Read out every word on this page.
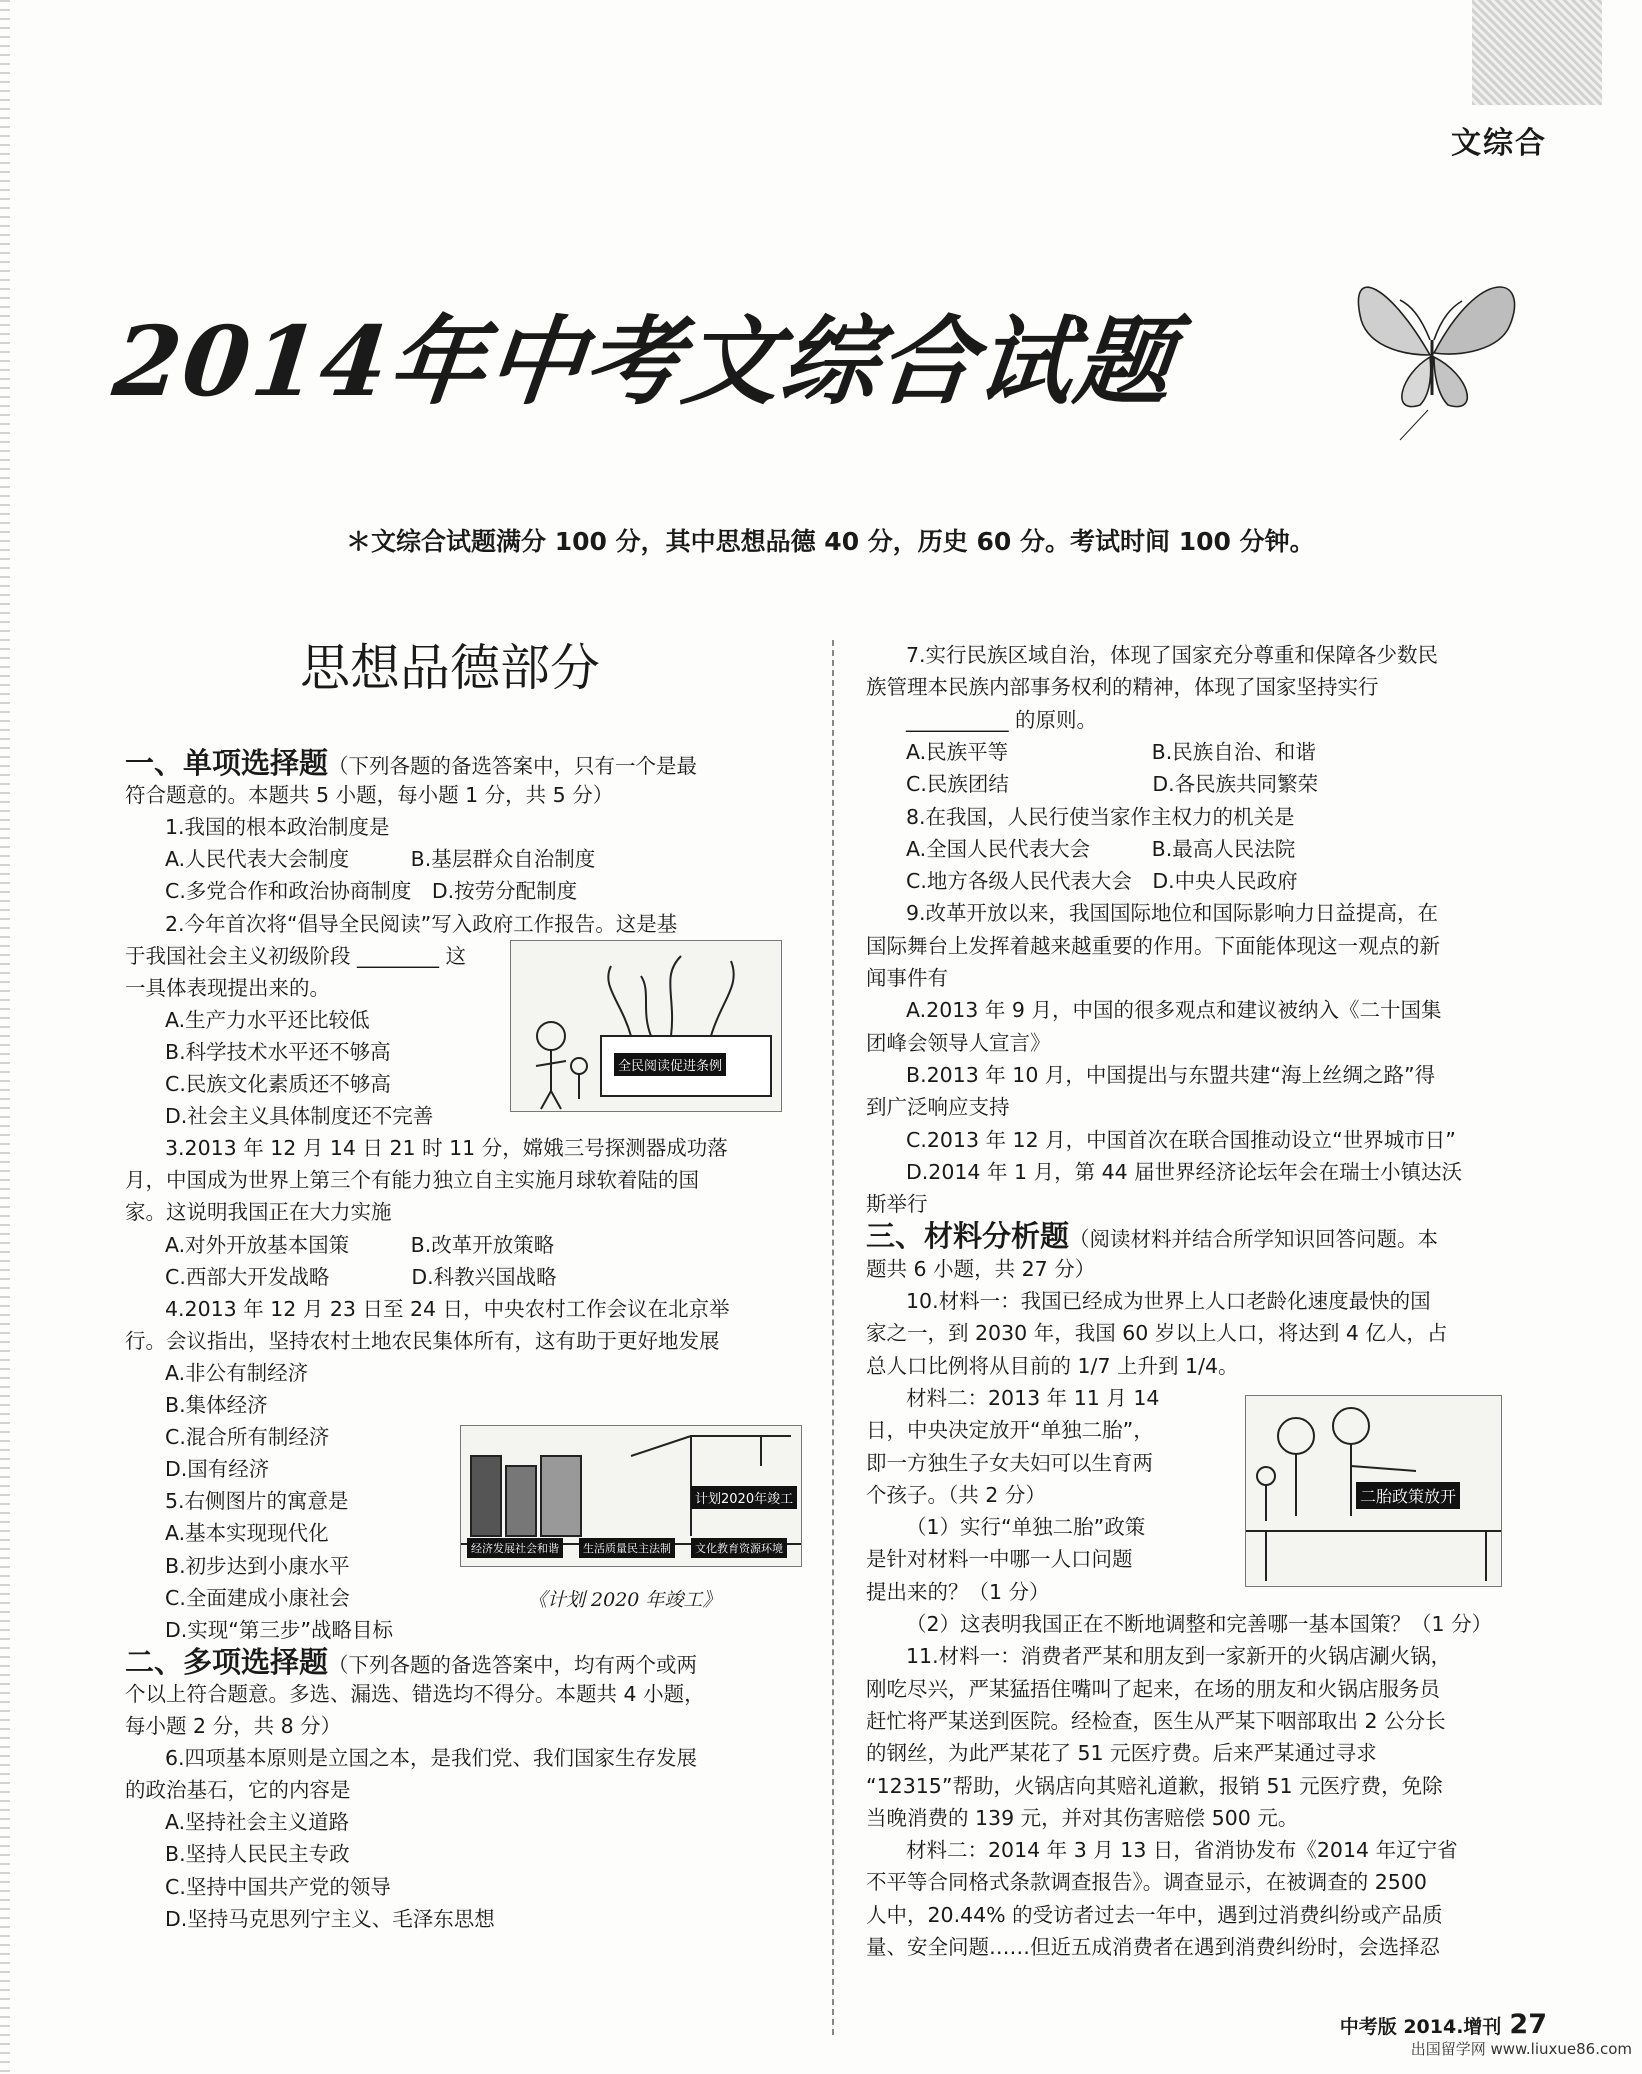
文综合
2014年中考文综合试题
＊文综合试题满分 100 分，其中思想品德 40 分，历史 60 分。考试时间 100 分钟。
思想品德部分
一、单项选择题（下列各题的备选答案中，只有一个是最
符合题意的。本题共 5 小题，每小题 1 分，共 5 分）
1.我国的根本政治制度是
A.人民代表大会制度　　　B.基层群众自治制度
C.多党合作和政治协商制度　D.按劳分配制度
2.今年首次将“倡导全民阅读”写入政府工作报告。这是基
于我国社会主义初级阶段 ________ 这
一具体表现提出来的。
A.生产力水平还比较低
B.科学技术水平还不够高
C.民族文化素质还不够高
D.社会主义具体制度还不完善
3.2013 年 12 月 14 日 21 时 11 分，嫦娥三号探测器成功落
月，中国成为世界上第三个有能力独立自主实施月球软着陆的国
家。这说明我国正在大力实施
A.对外开放基本国策　　　B.改革开放策略
C.西部大开发战略　　　　D.科教兴国战略
4.2013 年 12 月 23 日至 24 日，中央农村工作会议在北京举
行。会议指出，坚持农村土地农民集体所有，这有助于更好地发展
A.非公有制经济
B.集体经济
C.混合所有制经济
D.国有经济
5.右侧图片的寓意是
A.基本实现现代化
B.初步达到小康水平
C.全面建成小康社会
D.实现“第三步”战略目标
二、多项选择题（下列各题的备选答案中，均有两个或两
个以上符合题意。多选、漏选、错选均不得分。本题共 4 小题，
每小题 2 分，共 8 分）
6.四项基本原则是立国之本，是我们党、我们国家生存发展
的政治基石，它的内容是
A.坚持社会主义道路
B.坚持人民民主专政
C.坚持中国共产党的领导
D.坚持马克思列宁主义、毛泽东思想
7.实行民族区域自治，体现了国家充分尊重和保障各少数民
族管理本民族内部事务权利的精神，体现了国家坚持实行
__________ 的原则。
A.民族平等　　　　　　　B.民族自治、和谐
C.民族团结　　　　　　　D.各民族共同繁荣
8.在我国，人民行使当家作主权力的机关是
A.全国人民代表大会　　　B.最高人民法院
C.地方各级人民代表大会　D.中央人民政府
9.改革开放以来，我国国际地位和国际影响力日益提高，在
国际舞台上发挥着越来越重要的作用。下面能体现这一观点的新
闻事件有
A.2013 年 9 月，中国的很多观点和建议被纳入《二十国集
团峰会领导人宣言》
B.2013 年 10 月，中国提出与东盟共建“海上丝绸之路”得
到广泛响应支持
C.2013 年 12 月，中国首次在联合国推动设立“世界城市日”
D.2014 年 1 月，第 44 届世界经济论坛年会在瑞士小镇达沃
斯举行
三、材料分析题（阅读材料并结合所学知识回答问题。本
题共 6 小题，共 27 分）
10.材料一：我国已经成为世界上人口老龄化速度最快的国
家之一，到 2030 年，我国 60 岁以上人口，将达到 4 亿人，占
总人口比例将从目前的 1/7 上升到 1/4。
材料二：2013 年 11 月 14
日，中央决定放开“单独二胎”，
即一方独生子女夫妇可以生育两
个孩子。（共 2 分）
（1）实行“单独二胎”政策
是针对材料一中哪一人口问题
提出来的？（1 分）
（2）这表明我国正在不断地调整和完善哪一基本国策？（1 分）
11.材料一：消费者严某和朋友到一家新开的火锅店涮火锅，
刚吃尽兴，严某猛捂住嘴叫了起来，在场的朋友和火锅店服务员
赶忙将严某送到医院。经检查，医生从严某下咽部取出 2 公分长
的钢丝，为此严某花了 51 元医疗费。后来严某通过寻求
“12315”帮助，火锅店向其赔礼道歉，报销 51 元医疗费，免除
当晚消费的 139 元，并对其伤害赔偿 500 元。
材料二：2014 年 3 月 13 日，省消协发布《2014 年辽宁省
不平等合同格式条款调查报告》。调查显示，在被调查的 2500
人中，20.44% 的受访者过去一年中，遇到过消费纠纷或产品质
量、安全问题……但近五成消费者在遇到消费纠纷时，会选择忍
全民阅读促进条例
计划2020年竣工
经济发展社会和谐	生活质量民主法制	文化教育资源环境
《计划 2020 年竣工》
二胎政策放开
中考版 2014.增刊 27
出国留学网 www.liuxue86.com
